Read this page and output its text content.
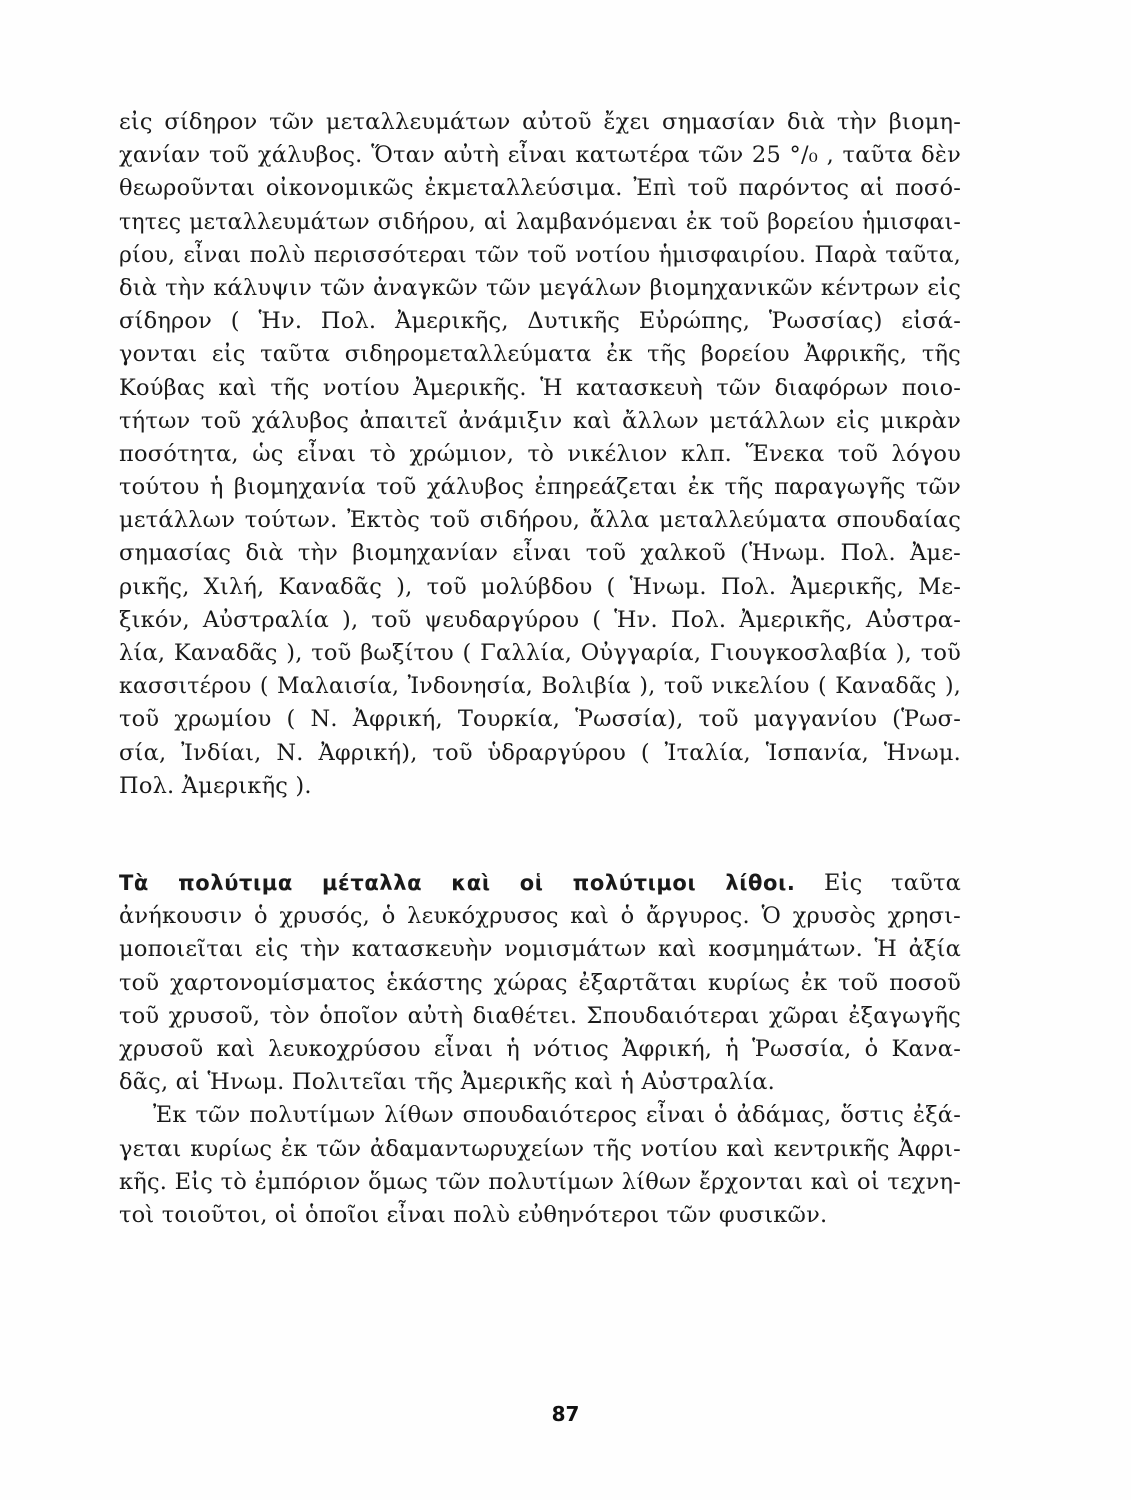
εἰς σίδηρον τῶν μεταλλευμάτων αὐτοῦ ἔχει σημασίαν διὰ τὴν βιομη-
χανίαν τοῦ χάλυβος. Ὅταν αὐτὴ εἶναι κατωτέρα τῶν 25 °/₀ , ταῦτα δὲν
θεωροῦνται οἰκονομικῶς ἐκμεταλλεύσιμα. Ἐπὶ τοῦ παρόντος αἱ ποσό-
τητες μεταλλευμάτων σιδήρου, αἱ λαμβανόμεναι ἐκ τοῦ βορείου ἡμισφαι-
ρίου, εἶναι πολὺ περισσότεραι τῶν τοῦ νοτίου ἡμισφαιρίου. Παρὰ ταῦτα,
διὰ τὴν κάλυψιν τῶν ἀναγκῶν τῶν μεγάλων βιομηχανικῶν κέντρων εἰς
σίδηρον ( Ἡν. Πολ. Ἀμερικῆς, Δυτικῆς Εὐρώπης, Ῥωσσίας) εἰσά-
γονται εἰς ταῦτα σιδηρομεταλλεύματα ἐκ τῆς βορείου Ἀφρικῆς, τῆς
Κούβας καὶ τῆς νοτίου Ἀμερικῆς. Ἡ κατασκευὴ τῶν διαφόρων ποιο-
τήτων τοῦ χάλυβος ἀπαιτεῖ ἀνάμιξιν καὶ ἄλλων μετάλλων εἰς μικρὰν
ποσότητα, ὡς εἶναι τὸ χρώμιον, τὸ νικέλιον κλπ. Ἕνεκα τοῦ λόγου
τούτου ἡ βιομηχανία τοῦ χάλυβος ἐπηρεάζεται ἐκ τῆς παραγωγῆς τῶν
μετάλλων τούτων. Ἐκτὸς τοῦ σιδήρου, ἄλλα μεταλλεύματα σπουδαίας
σημασίας διὰ τὴν βιομηχανίαν εἶναι τοῦ χαλκοῦ (Ἡνωμ. Πολ. Ἀμε-
ρικῆς, Χιλή, Καναδᾶς ), τοῦ μολύβδου ( Ἡνωμ. Πολ. Ἀμερικῆς, Με-
ξικόν, Αὐστραλία ), τοῦ ψευδαργύρου ( Ἡν. Πολ. Ἀμερικῆς, Αὐστρα-
λία, Καναδᾶς ), τοῦ βωξίτου ( Γαλλία, Οὐγγαρία, Γιουγκοσλαβία ), τοῦ
κασσιτέρου ( Μαλαισία, Ἰνδονησία, Βολιβία ), τοῦ νικελίου ( Καναδᾶς ),
τοῦ χρωμίου ( Ν. Ἀφρική, Τουρκία, Ῥωσσία), τοῦ μαγγανίου (Ῥωσ-
σία, Ἰνδίαι, Ν. Ἀφρική), τοῦ ὑδραργύρου ( Ἰταλία, Ἱσπανία, Ἡνωμ.
Πολ. Ἀμερικῆς ).
Τὰ πολύτιμα μέταλλα καὶ οἱ πολύτιμοι λίθοι. Εἰς ταῦτα
ἀνήκουσιν ὁ χρυσός, ὁ λευκόχρυσος καὶ ὁ ἄργυρος. Ὁ χρυσὸς χρησι-
μοποιεῖται εἰς τὴν κατασκευὴν νομισμάτων καὶ κοσμημάτων. Ἡ ἀξία
τοῦ χαρτονομίσματος ἑκάστης χώρας ἐξαρτᾶται κυρίως ἐκ τοῦ ποσοῦ
τοῦ χρυσοῦ, τὸν ὁποῖον αὐτὴ διαθέτει. Σπουδαιότεραι χῶραι ἐξαγωγῆς
χρυσοῦ καὶ λευκοχρύσου εἶναι ἡ νότιος Ἀφρική, ἡ Ῥωσσία, ὁ Κανα-
δᾶς, αἱ Ἡνωμ. Πολιτεῖαι τῆς Ἀμερικῆς καὶ ἡ Αὐστραλία.
Ἐκ τῶν πολυτίμων λίθων σπουδαιότερος εἶναι ὁ ἀδάμας, ὅστις ἐξά-
γεται κυρίως ἐκ τῶν ἀδαμαντωρυχείων τῆς νοτίου καὶ κεντρικῆς Ἀφρι-
κῆς. Εἰς τὸ ἐμπόριον ὅμως τῶν πολυτίμων λίθων ἔρχονται καὶ οἱ τεχνη-
τοὶ τοιοῦτοι, οἱ ὁποῖοι εἶναι πολὺ εὐθηνότεροι τῶν φυσικῶν.
87
